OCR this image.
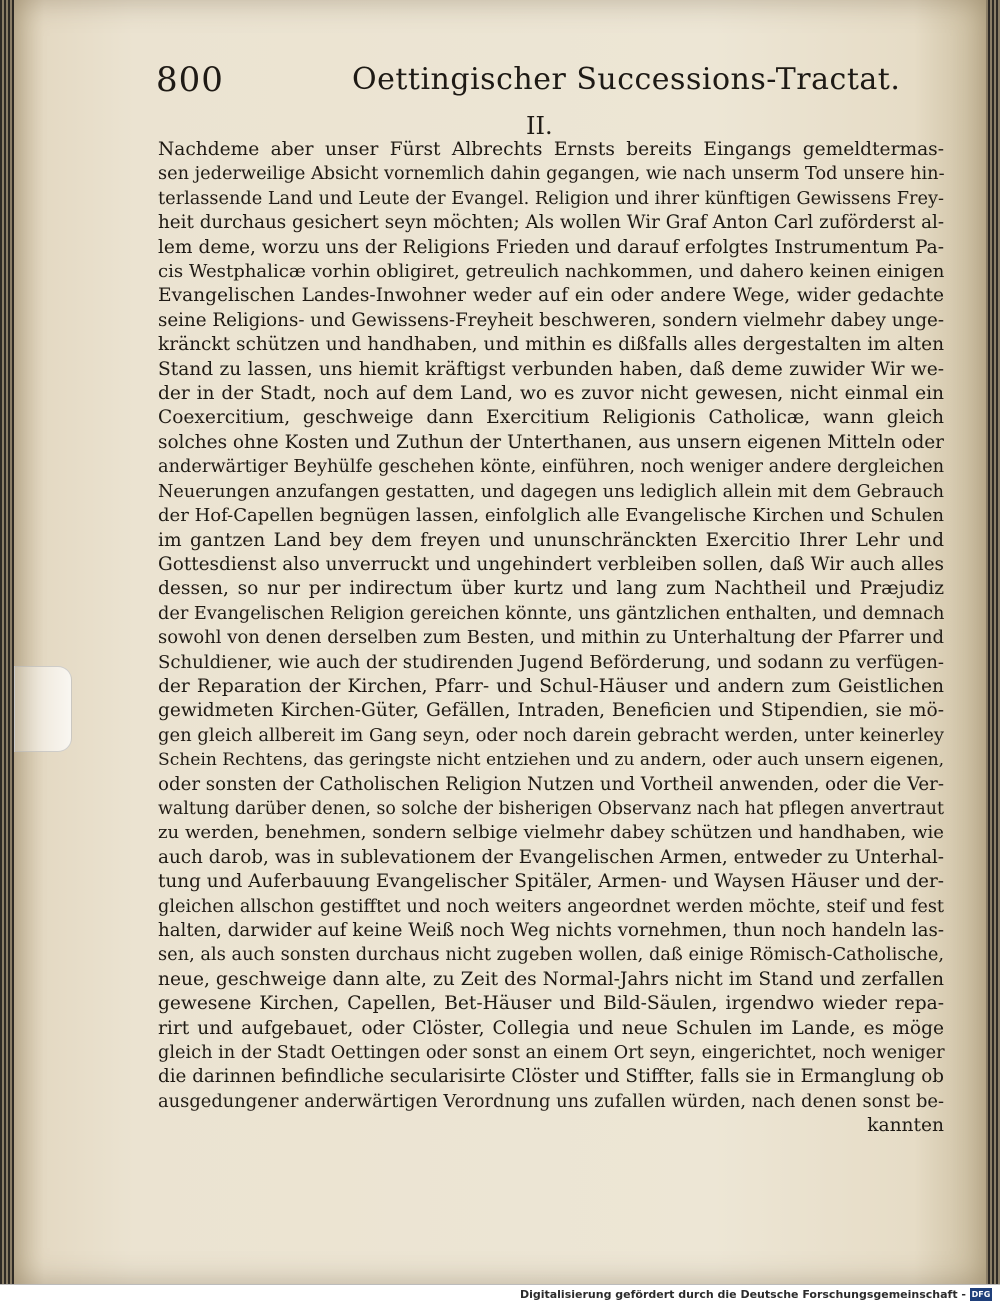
800	Oettingischer Successions-Tractat.
II.
Nachdeme aber unser Fürst Albrechts Ernsts bereits Eingangs gemeldtermas-
sen jederweilige Absicht vornemlich dahin gegangen, wie nach unserm Tod unsere hin-
terlassende Land und Leute der Evangel. Religion und ihrer künftigen Gewissens Frey-
heit durchaus gesichert seyn möchten; Als wollen Wir Graf Anton Carl zuförderst al-
lem deme, worzu uns der Religions Frieden und darauf erfolgtes Instrumentum Pa-
cis Westphalicæ vorhin obligiret, getreulich nachkommen, und dahero keinen einigen
Evangelischen Landes-Inwohner weder auf ein oder andere Wege, wider gedachte
seine Religions- und Gewissens-Freyheit beschweren, sondern vielmehr dabey unge-
kränckt schützen und handhaben, und mithin es dißfalls alles dergestalten im alten
Stand zu lassen, uns hiemit kräftigst verbunden haben, daß deme zuwider Wir we-
der in der Stadt, noch auf dem Land, wo es zuvor nicht gewesen, nicht einmal ein
Coexercitium, geschweige dann Exercitium Religionis Catholicæ, wann gleich
solches ohne Kosten und Zuthun der Unterthanen, aus unsern eigenen Mitteln oder
anderwärtiger Beyhülfe geschehen könte, einführen, noch weniger andere dergleichen
Neuerungen anzufangen gestatten, und dagegen uns lediglich allein mit dem Gebrauch
der Hof-Capellen begnügen lassen, einfolglich alle Evangelische Kirchen und Schulen
im gantzen Land bey dem freyen und ununschränckten Exercitio Ihrer Lehr und
Gottesdienst also unverruckt und ungehindert verbleiben sollen, daß Wir auch alles
dessen, so nur per indirectum über kurtz und lang zum Nachtheil und Præjudiz
der Evangelischen Religion gereichen könnte, uns gäntzlichen enthalten, und demnach
sowohl von denen derselben zum Besten, und mithin zu Unterhaltung der Pfarrer und
Schuldiener, wie auch der studirenden Jugend Beförderung, und sodann zu verfügen-
der Reparation der Kirchen, Pfarr- und Schul-Häuser und andern zum Geistlichen
gewidmeten Kirchen-Güter, Gefällen, Intraden, Beneficien und Stipendien, sie mö-
gen gleich allbereit im Gang seyn, oder noch darein gebracht werden, unter keinerley
Schein Rechtens, das geringste nicht entziehen und zu andern, oder auch unsern eigenen,
oder sonsten der Catholischen Religion Nutzen und Vortheil anwenden, oder die Ver-
waltung darüber denen, so solche der bisherigen Observanz nach hat pflegen anvertraut
zu werden, benehmen, sondern selbige vielmehr dabey schützen und handhaben, wie
auch darob, was in sublevationem der Evangelischen Armen, entweder zu Unterhal-
tung und Auferbauung Evangelischer Spitäler, Armen- und Waysen Häuser und der-
gleichen allschon gestifftet und noch weiters angeordnet werden möchte, steif und fest
halten, darwider auf keine Weiß noch Weg nichts vornehmen, thun noch handeln las-
sen, als auch sonsten durchaus nicht zugeben wollen, daß einige Römisch-Catholische,
neue, geschweige dann alte, zu Zeit des Normal-Jahrs nicht im Stand und zerfallen
gewesene Kirchen, Capellen, Bet-Häuser und Bild-Säulen, irgendwo wieder repa-
rirt und aufgebauet, oder Clöster, Collegia und neue Schulen im Lande, es möge
gleich in der Stadt Oettingen oder sonst an einem Ort seyn, eingerichtet, noch weniger
die darinnen befindliche secularisirte Clöster und Stiffter, falls sie in Ermanglung ob
ausgedungener anderwärtigen Verordnung uns zufallen würden, nach denen sonst be-
kannten
Digitalisierung gefördert durch die Deutsche Forschungsgemeinschaft - DFG
